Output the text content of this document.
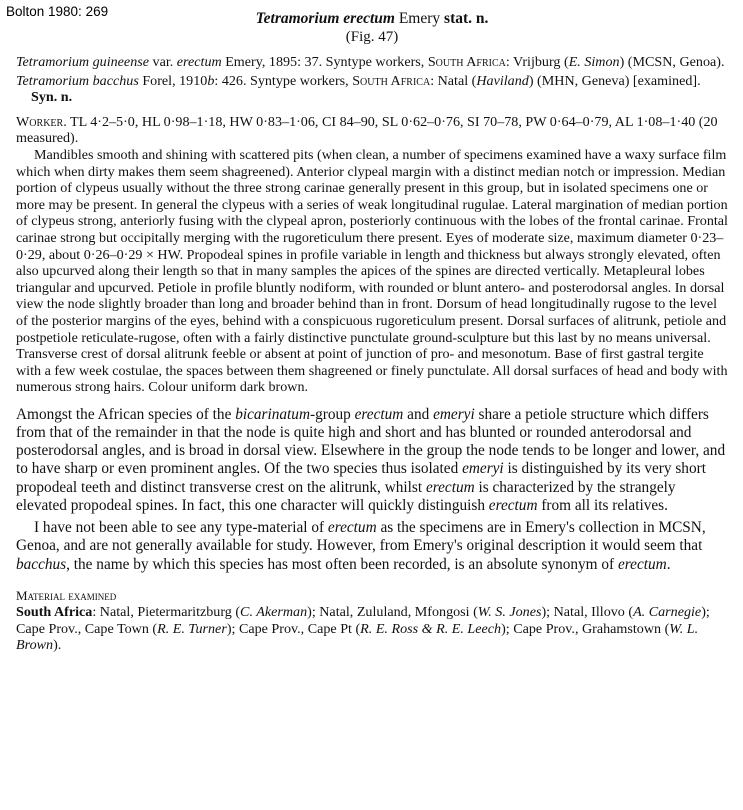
Bolton 1980: 269	Tetramorium erectum Emery stat. n.

(Fig. 47)

Tetramorium guineense var. erectum Emery, 1895: 37. Syntype workers, South Africa: Vrijburg (E. Simon) (MCSN, Genoa).

Tetramorium bacchus Forel, 1910b: 426. Syntype workers, South Africa: Natal (Haviland) (MHN, Geneva) [examined]. Syn. n.

Worker. TL 4·2–5·0, HL 0·98–1·18, HW 0·83–1·06, CI 84–90, SL 0·62–0·76, SI 70–78, PW 0·64–0·79, AL 1·08–1·40 (20 measured).

Mandibles smooth and shining with scattered pits (when clean, a number of specimens examined have a waxy surface film which when dirty makes them seem shagreened). Anterior clypeal margin with a distinct median notch or impression. Median portion of clypeus usually without the three strong carinae generally present in this group, but in isolated specimens one or more may be present. In general the clypeus with a series of weak longitudinal rugulae. Lateral margination of median portion of clypeus strong, anteriorly fusing with the clypeal apron, posteriorly continuous with the lobes of the frontal carinae. Frontal carinae strong but occipitally merging with the rugoreticulum there present. Eyes of moderate size, maximum diameter 0·23–0·29, about 0·26–0·29 × HW. Propodeal spines in profile variable in length and thickness but always strongly elevated, often also upcurved along their length so that in many samples the apices of the spines are directed vertically. Metapleural lobes triangular and upcurved. Petiole in profile bluntly nodiform, with rounded or blunt antero- and posterodorsal angles. In dorsal view the node slightly broader than long and broader behind than in front. Dorsum of head longitudinally rugose to the level of the posterior margins of the eyes, behind with a conspicuous rugoreticulum present. Dorsal surfaces of alitrunk, petiole and postpetiole reticulate-rugose, often with a fairly distinctive punctulate ground-sculpture but this last by no means universal. Transverse crest of dorsal alitrunk feeble or absent at point of junction of pro- and mesonotum. Base of first gastral tergite with a few week costulae, the spaces between them shagreened or finely punctulate. All dorsal surfaces of head and body with numerous strong hairs. Colour uniform dark brown.

Amongst the African species of the bicarinatum-group erectum and emeryi share a petiole structure which differs from that of the remainder in that the node is quite high and short and has blunted or rounded anterodorsal and posterodorsal angles, and is broad in dorsal view. Elsewhere in the group the node tends to be longer and lower, and to have sharp or even prominent angles. Of the two species thus isolated emeryi is distinguished by its very short propodeal teeth and distinct transverse crest on the alitrunk, whilst erectum is characterized by the strangely elevated propodeal spines. In fact, this one character will quickly distinguish erectum from all its relatives.

I have not been able to see any type-material of erectum as the specimens are in Emery's collection in MCSN, Genoa, and are not generally available for study. However, from Emery's original description it would seem that bacchus, the name by which this species has most often been recorded, is an absolute synonym of erectum.

Material examined

South Africa: Natal, Pietermaritzburg (C. Akerman); Natal, Zululand, Mfongosi (W. S. Jones); Natal, Illovo (A. Carnegie); Cape Prov., Cape Town (R. E. Turner); Cape Prov., Cape Pt (R. E. Ross & R. E. Leech); Cape Prov., Grahamstown (W. L. Brown).
